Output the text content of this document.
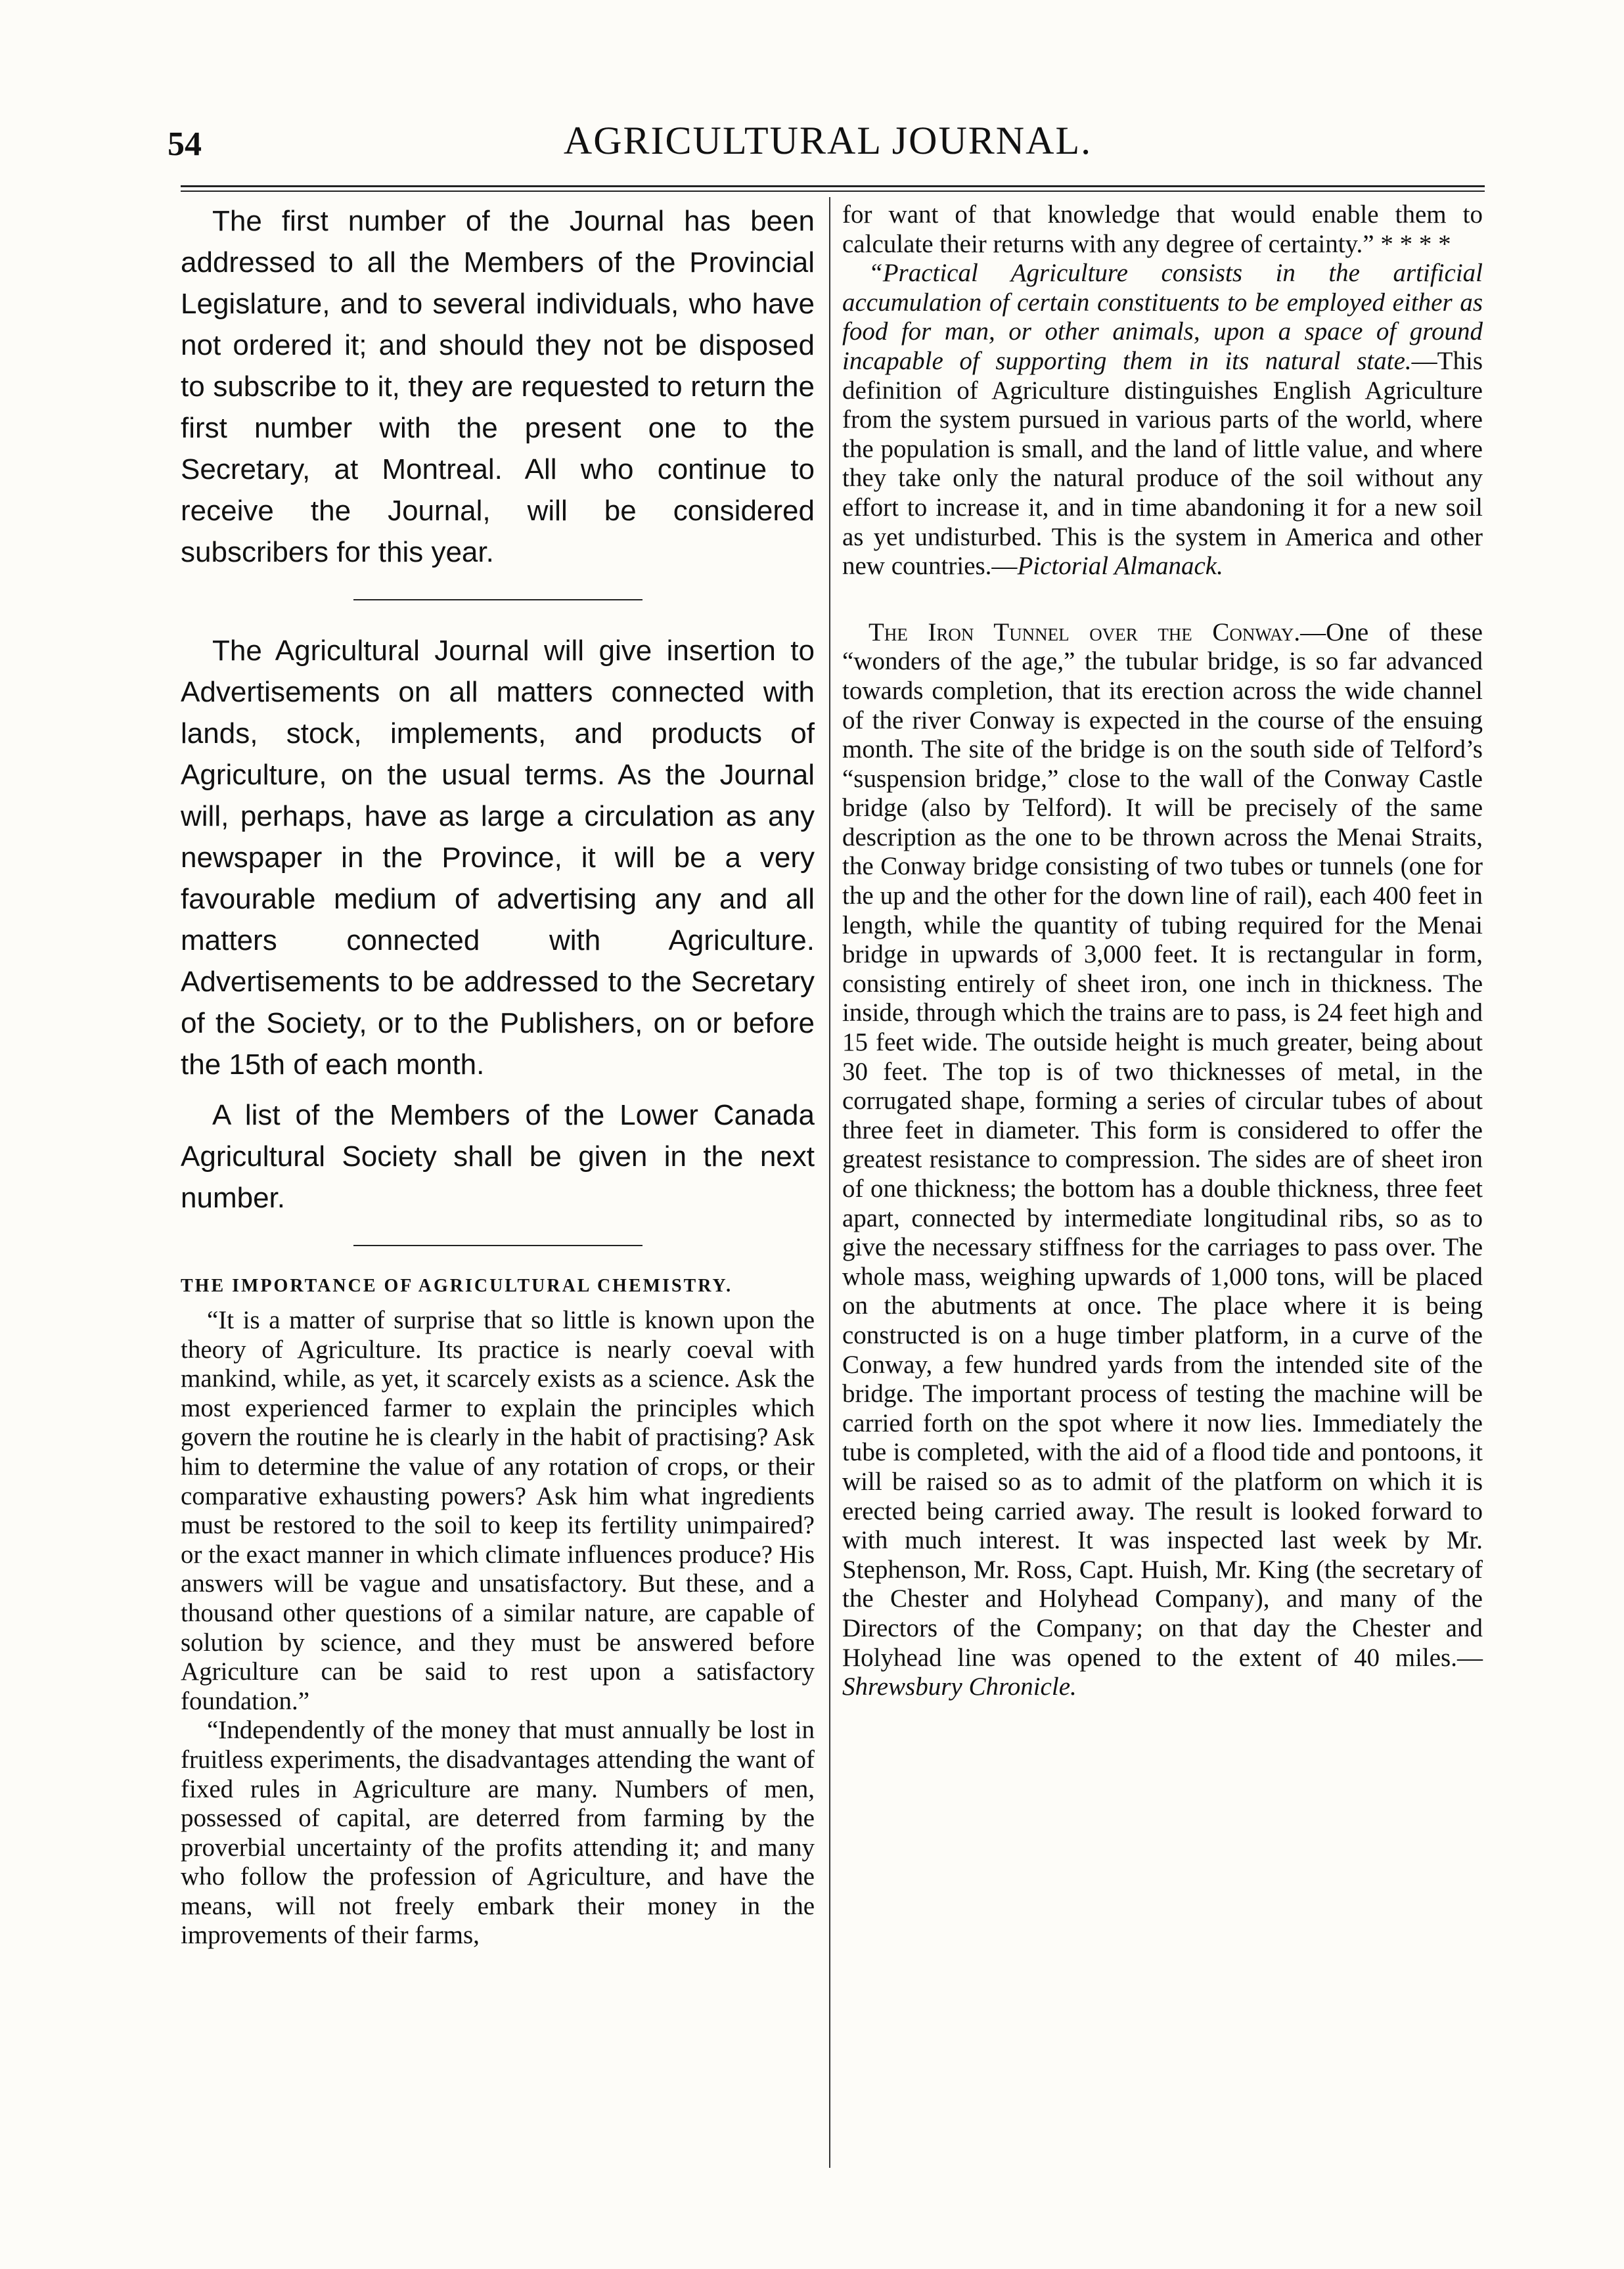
54	AGRICULTURAL JOURNAL.

The first number of the Journal has been addressed to all the Members of the Provincial Legislature, and to several individuals, who have not ordered it; and should they not be disposed to subscribe to it, they are requested to return the first number with the present one to the Secretary, at Montreal. All who continue to receive the Journal, will be considered subscribers for this year.

The Agricultural Journal will give insertion to Advertisements on all matters connected with lands, stock, implements, and products of Agriculture, on the usual terms. As the Journal will, perhaps, have as large a circulation as any newspaper in the Province, it will be a very favourable medium of advertising any and all matters connected with Agriculture. Advertisements to be addressed to the Secretary of the Society, or to the Publishers, on or before the 15th of each month.

A list of the Members of the Lower Canada Agricultural Society shall be given in the next number.

THE IMPORTANCE OF AGRICULTURAL CHEMISTRY.

“It is a matter of surprise that so little is known upon the theory of Agriculture. Its practice is nearly coeval with mankind, while, as yet, it scarcely exists as a science. Ask the most experienced farmer to explain the principles which govern the routine he is clearly in the habit of practising? Ask him to determine the value of any rotation of crops, or their comparative exhausting powers? Ask him what ingredients must be restored to the soil to keep its fertility unimpaired? or the exact manner in which climate influences produce? His answers will be vague and unsatisfactory. But these, and a thousand other questions of a similar nature, are capable of solution by science, and they must be answered before Agriculture can be said to rest upon a satisfactory foundation.”

“Independently of the money that must annually be lost in fruitless experiments, the disadvantages attending the want of fixed rules in Agriculture are many. Numbers of men, possessed of capital, are deterred from farming by the proverbial uncertainty of the profits attending it; and many who follow the profession of Agriculture, and have the means, will not freely embark their money in the improvements of their farms,

for want of that knowledge that would enable them to calculate their returns with any degree of certainty.” * * * *

“Practical Agriculture consists in the artificial accumulation of certain constituents to be employed either as food for man, or other animals, upon a space of ground incapable of supporting them in its natural state.—This definition of Agriculture distinguishes English Agriculture from the system pursued in various parts of the world, where the population is small, and the land of little value, and where they take only the natural produce of the soil without any effort to increase it, and in time abandoning it for a new soil as yet undisturbed. This is the system in America and other new countries.—Pictorial Almanack.

The Iron Tunnel over the Conway.—One of these “wonders of the age,” the tubular bridge, is so far advanced towards completion, that its erection across the wide channel of the river Conway is expected in the course of the ensuing month. The site of the bridge is on the south side of Telford’s “suspension bridge,” close to the wall of the Conway Castle bridge (also by Telford). It will be precisely of the same description as the one to be thrown across the Menai Straits, the Conway bridge consisting of two tubes or tunnels (one for the up and the other for the down line of rail), each 400 feet in length, while the quantity of tubing required for the Menai bridge in upwards of 3,000 feet. It is rectangular in form, consisting entirely of sheet iron, one inch in thickness. The inside, through which the trains are to pass, is 24 feet high and 15 feet wide. The outside height is much greater, being about 30 feet. The top is of two thicknesses of metal, in the corrugated shape, forming a series of circular tubes of about three feet in diameter. This form is considered to offer the greatest resistance to compression. The sides are of sheet iron of one thickness; the bottom has a double thickness, three feet apart, connected by intermediate longitudinal ribs, so as to give the necessary stiffness for the carriages to pass over. The whole mass, weighing upwards of 1,000 tons, will be placed on the abutments at once. The place where it is being constructed is on a huge timber platform, in a curve of the Conway, a few hundred yards from the intended site of the bridge. The important process of testing the machine will be carried forth on the spot where it now lies. Immediately the tube is completed, with the aid of a flood tide and pontoons, it will be raised so as to admit of the platform on which it is erected being carried away. The result is looked forward to with much interest. It was inspected last week by Mr. Stephenson, Mr. Ross, Capt. Huish, Mr. King (the secretary of the Chester and Holyhead Company), and many of the Directors of the Company; on that day the Chester and Holyhead line was opened to the extent of 40 miles.—Shrewsbury Chronicle.
